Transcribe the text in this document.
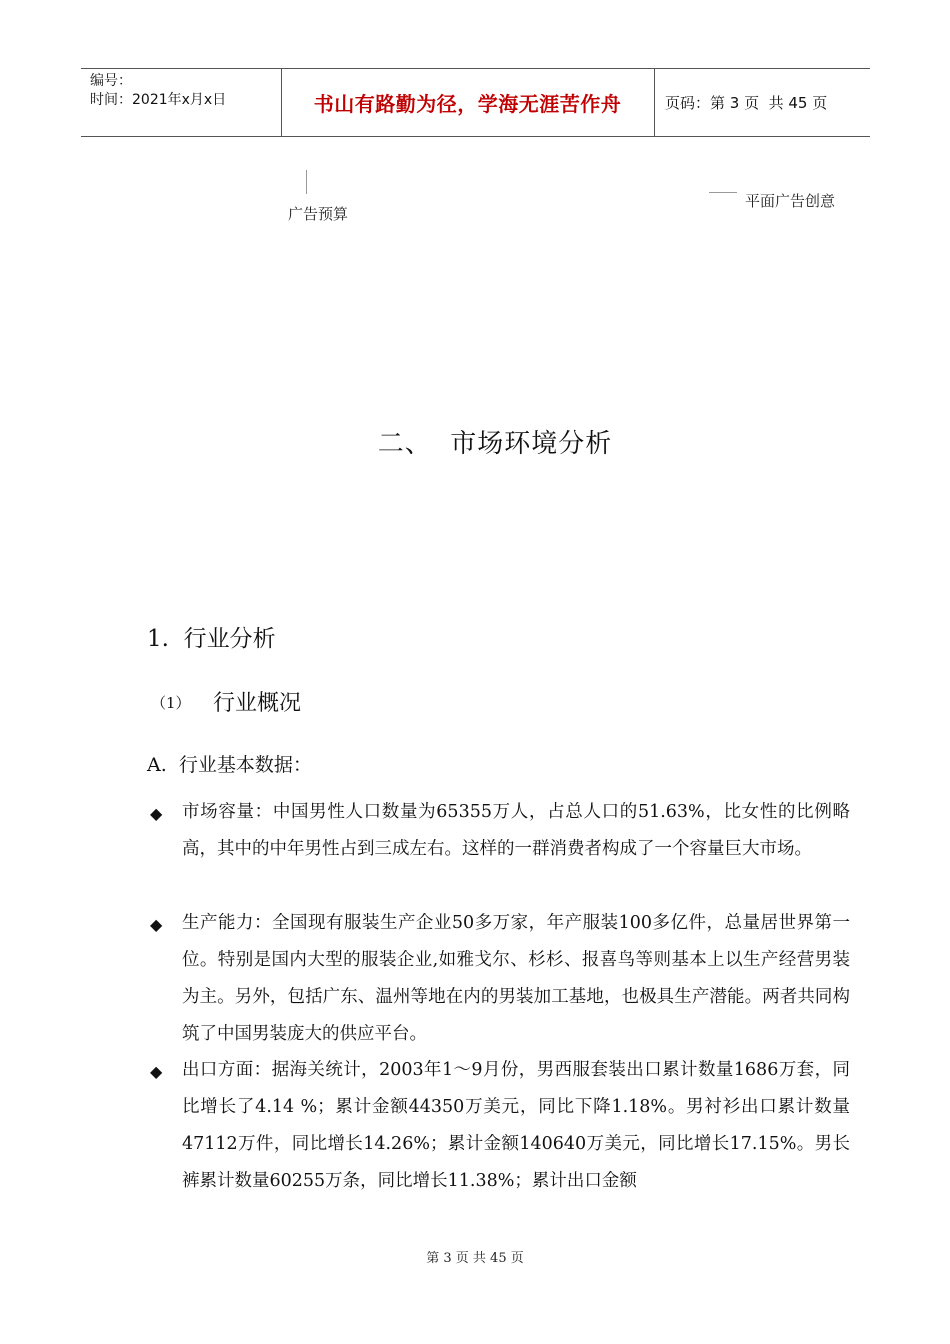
编号：
时间：2021年x月x日	书山有路勤为径，学海无涯苦作舟	页码：第 3 页  共 45 页
广告预算
平面广告创意
二、  市场环境分析
1.  行业分析
（1） 行业概况
A.  行业基本数据：
◆ 市场容量：中国男性人口数量为65355万人，占总人口的51.63%，比女性的比例略高，其中的中年男性占到三成左右。这样的一群消费者构成了一个容量巨大市场。
◆ 生产能力：全国现有服装生产企业50多万家，年产服装100多亿件，总量居世界第一位。特别是国内大型的服装企业,如雅戈尔、杉杉、报喜鸟等则基本上以生产经营男装为主。另外，包括广东、温州等地在内的男装加工基地，也极具生产潜能。两者共同构筑了中国男装庞大的供应平台。
◆ 出口方面：据海关统计，2003年1～9月份，男西服套装出口累计数量1686万套，同比增长了4.14 %；累计金额44350万美元，同比下降1.18%。男衬衫出口累计数量47112万件，同比增长14.26%；累计金额140640万美元，同比增长17.15%。男长裤累计数量60255万条，同比增长11.38%；累计出口金额
第 3 页 共 45 页
